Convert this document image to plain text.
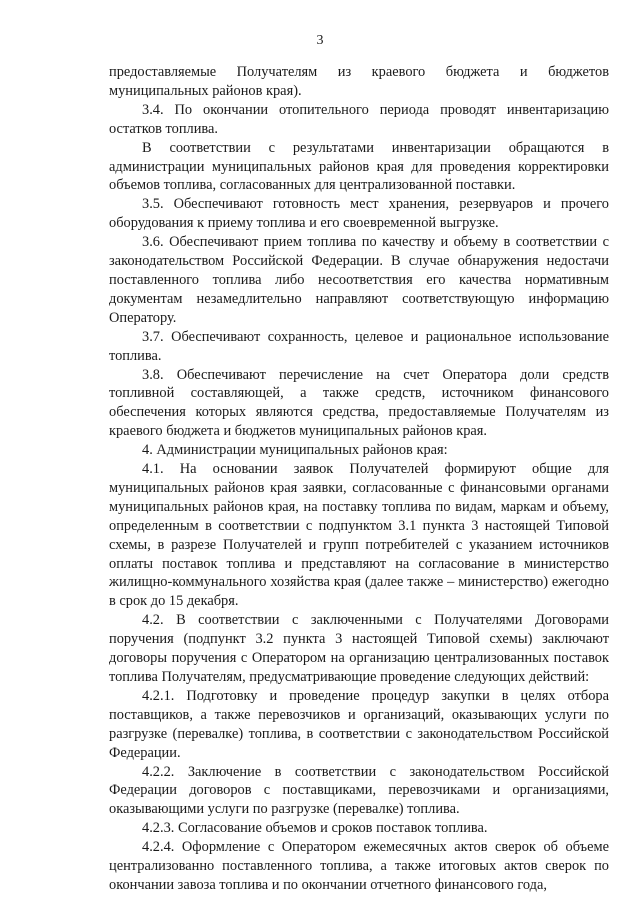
3

предоставляемые Получателям из краевого бюджета и бюджетов муниципальных районов края).

3.4. По окончании отопительного периода проводят инвентаризацию остатков топлива.

В соответствии с результатами инвентаризации обращаются в администрации муниципальных районов края для проведения корректировки объемов топлива, согласованных для централизованной поставки.

3.5. Обеспечивают готовность мест хранения, резервуаров и прочего оборудования к приему топлива и его своевременной выгрузке.

3.6. Обеспечивают прием топлива по качеству и объему в соответствии с законодательством Российской Федерации. В случае обнаружения недостачи поставленного топлива либо несоответствия его качества нормативным документам незамедлительно направляют соответствующую информацию Оператору.

3.7. Обеспечивают сохранность, целевое и рациональное использование топлива.

3.8. Обеспечивают перечисление на счет Оператора доли средств топливной составляющей, а также средств, источником финансового обеспечения которых являются средства, предоставляемые Получателям из краевого бюджета и бюджетов муниципальных районов края.

4. Администрации муниципальных районов края:

4.1. На основании заявок Получателей формируют общие для муниципальных районов края заявки, согласованные с финансовыми органами муниципальных районов края, на поставку топлива по видам, маркам и объему, определенным в соответствии с подпунктом 3.1 пункта 3 настоящей Типовой схемы, в разрезе Получателей и групп потребителей с указанием источников оплаты поставок топлива и представляют на согласование в министерство жилищно-коммунального хозяйства края (далее также – министерство) ежегодно в срок до 15 декабря.

4.2. В соответствии с заключенными с Получателями Договорами поручения (подпункт 3.2 пункта 3 настоящей Типовой схемы) заключают договоры поручения с Оператором на организацию централизованных поставок топлива Получателям, предусматривающие проведение следующих действий:

4.2.1. Подготовку и проведение процедур закупки в целях отбора поставщиков, а также перевозчиков и организаций, оказывающих услуги по разгрузке (перевалке) топлива, в соответствии с законодательством Российской Федерации.

4.2.2. Заключение в соответствии с законодательством Российской Федерации договоров с поставщиками, перевозчиками и организациями, оказывающими услуги по разгрузке (перевалке) топлива.

4.2.3. Согласование объемов и сроков поставок топлива.

4.2.4. Оформление с Оператором ежемесячных актов сверок об объеме централизованно поставленного топлива, а также итоговых актов сверок по окончании завоза топлива и по окончании отчетного финансового года,
